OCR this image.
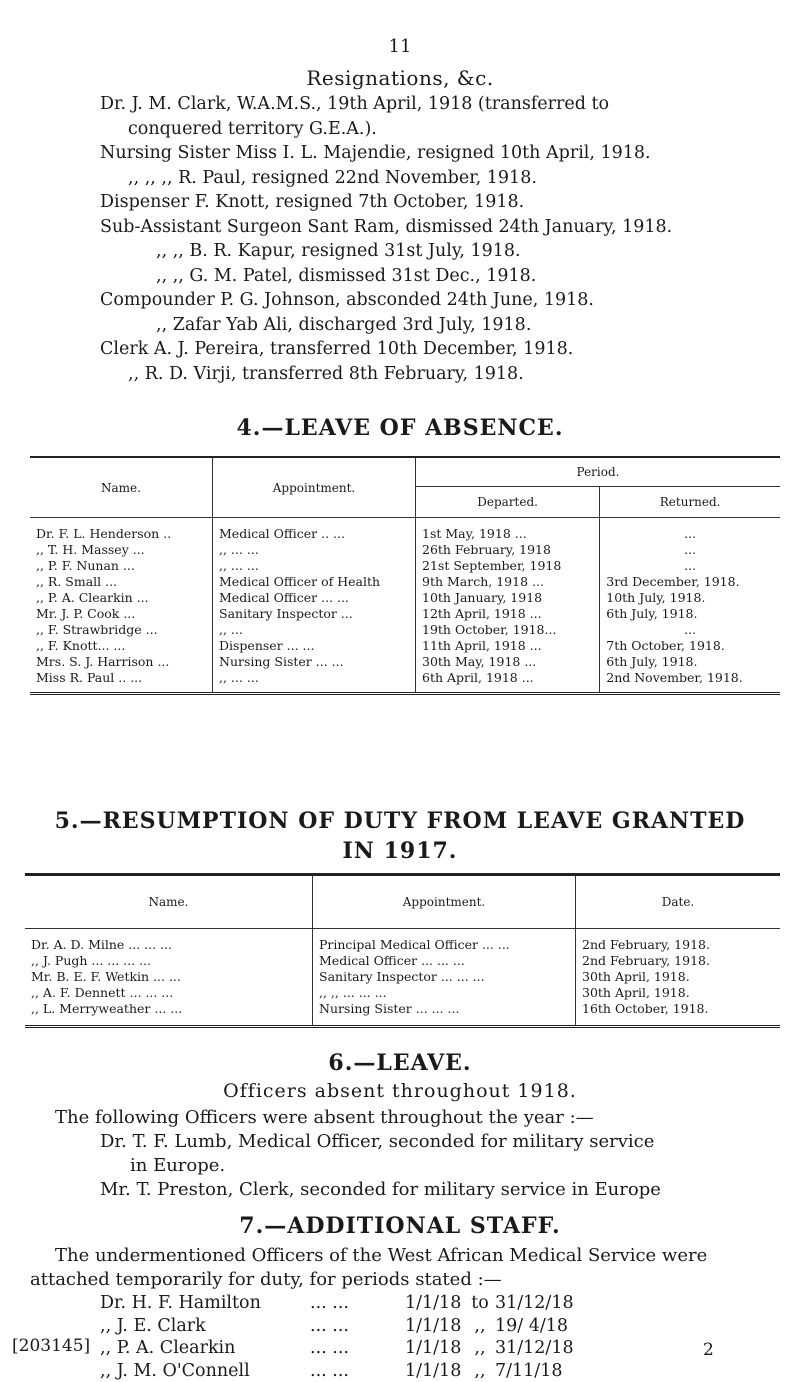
11
Resignations, &c.
Dr. J. M. Clark, W.A.M.S., 19th April, 1918 (transferred to
conquered territory G.E.A.).
Nursing Sister Miss I. L. Majendie, resigned 10th April, 1918.
,, ,, ,, R. Paul, resigned 22nd November, 1918.
Dispenser F. Knott, resigned 7th October, 1918.
Sub-Assistant Surgeon Sant Ram, dismissed 24th January, 1918.
,, ,, B. R. Kapur, resigned 31st July, 1918.
,, ,, G. M. Patel, dismissed 31st Dec., 1918.
Compounder P. G. Johnson, absconded 24th June, 1918.
,, Zafar Yab Ali, discharged 3rd July, 1918.
Clerk A. J. Pereira, transferred 10th December, 1918.
,, R. D. Virji, transferred 8th February, 1918.
4.—LEAVE OF ABSENCE.
Name.	Appointment.	Period.	
		Departed.	Returned.

Dr. F. L. Henderson ..	Medical Officer .. ...	1st May, 1918 ...	...
,, T. H. Massey ...	,, ... ...	26th February, 1918	...
,, P. F. Nunan ...	,, ... ...	21st September, 1918	...
,, R. Small ...	Medical Officer of Health	9th March, 1918 ...	3rd December, 1918.
,, P. A. Clearkin ...	Medical Officer ... ...	10th January, 1918	10th July, 1918.
Mr. J. P. Cook ...	Sanitary Inspector ...	12th April, 1918 ...	6th July, 1918.
,, F. Strawbridge ...	,, ...	19th October, 1918...	...
,, F. Knott... ...	Dispenser ... ...	11th April, 1918 ...	7th October, 1918.
Mrs. S. J. Harrison ...	Nursing Sister ... ...	30th May, 1918 ...	6th July, 1918.
Miss R. Paul .. ...	,, ... ...	6th April, 1918 ...	2nd November, 1918.

5.—RESUMPTION OF DUTY FROM LEAVE GRANTED
IN 1917.
Name.	Appointment.	Date.

Dr. A. D. Milne ... ... ...	Principal Medical Officer ... ...	2nd February, 1918.
,, J. Pugh ... ... ... ...	Medical Officer ... ... ...	2nd February, 1918.
Mr. B. E. F. Wetkin ... ...	Sanitary Inspector ... ... ...	30th April, 1918.
,, A. F. Dennett ... ... ...	,, ,, ... ... ...	30th April, 1918.
,, L. Merryweather ... ...	Nursing Sister ... ... ...	16th October, 1918.

6.—LEAVE.
Officers absent throughout 1918.
The following Officers were absent throughout the year :—
Dr. T. F. Lumb, Medical Officer, seconded for military service
in Europe.
Mr. T. Preston, Clerk, seconded for military service in Europe
7.—ADDITIONAL STAFF.
The undermentioned Officers of the West African Medical Service were
attached temporarily for duty, for periods stated :—
Dr. H. F. Hamilton	... ...	1/1/18 to 31/12/18
,, J. E. Clark	... ...	1/1/18 ,, 19/ 4/18
,, P. A. Clearkin	... ...	1/1/18 ,, 31/12/18
,, J. M. O'Connell	... ...	1/1/18 ,, 7/11/18
[203145]	2
